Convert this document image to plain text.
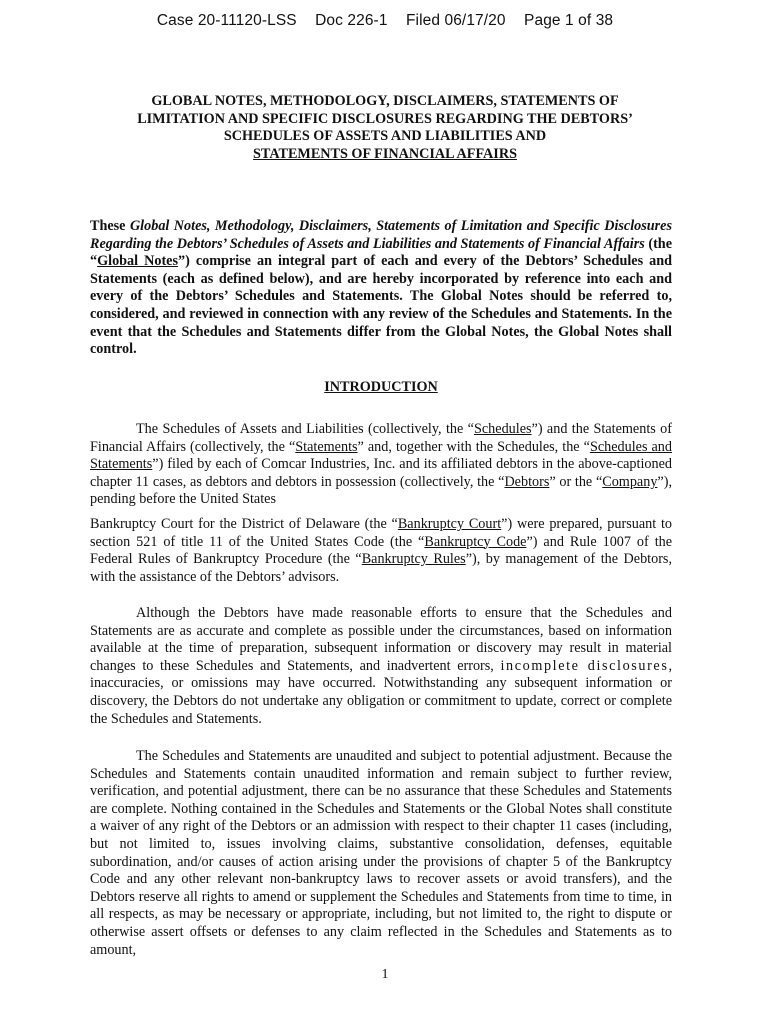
Case 20-11120-LSS Doc 226-1 Filed 06/17/20 Page 1 of 38
GLOBAL NOTES, METHODOLOGY, DISCLAIMERS, STATEMENTS OF
LIMITATION AND SPECIFIC DISCLOSURES REGARDING THE DEBTORS’
SCHEDULES OF ASSETS AND LIABILITIES AND
STATEMENTS OF FINANCIAL AFFAIRS
These Global Notes, Methodology, Disclaimers, Statements of Limitation and Specific Disclosures Regarding the Debtors’ Schedules of Assets and Liabilities and Statements of Financial Affairs (the “Global Notes”) comprise an integral part of each and every of the Debtors’ Schedules and Statements (each as defined below), and are hereby incorporated by reference into each and every of the Debtors’ Schedules and Statements. The Global Notes should be referred to, considered, and reviewed in connection with any review of the Schedules and Statements. In the event that the Schedules and Statements differ from the Global Notes, the Global Notes shall control.
INTRODUCTION
The Schedules of Assets and Liabilities (collectively, the “Schedules”) and the Statements of Financial Affairs (collectively, the “Statements” and, together with the Schedules, the “Schedules and Statements”) filed by each of Comcar Industries, Inc. and its affiliated debtors in the above-captioned chapter 11 cases, as debtors and debtors in possession (collectively, the “Debtors” or the “Company”), pending before the United States
Bankruptcy Court for the District of Delaware (the “Bankruptcy Court”) were prepared, pursuant to section 521 of title 11 of the United States Code (the “Bankruptcy Code”) and Rule 1007 of the Federal Rules of Bankruptcy Procedure (the “Bankruptcy Rules”), by management of the Debtors, with the assistance of the Debtors’ advisors.
Although the Debtors have made reasonable efforts to ensure that the Schedules and Statements are as accurate and complete as possible under the circumstances, based on information available at the time of preparation, subsequent information or discovery may result in material changes to these Schedules and Statements, and inadvertent errors, incomplete disclosures, inaccuracies, or omissions may have occurred. Notwithstanding any subsequent information or discovery, the Debtors do not undertake any obligation or commitment to update, correct or complete the Schedules and Statements.
The Schedules and Statements are unaudited and subject to potential adjustment. Because the Schedules and Statements contain unaudited information and remain subject to further review, verification, and potential adjustment, there can be no assurance that these Schedules and Statements are complete. Nothing contained in the Schedules and Statements or the Global Notes shall constitute a waiver of any right of the Debtors or an admission with respect to their chapter 11 cases (including, but not limited to, issues involving claims, substantive consolidation, defenses, equitable subordination, and/or causes of action arising under the provisions of chapter 5 of the Bankruptcy Code and any other relevant non-bankruptcy laws to recover assets or avoid transfers), and the Debtors reserve all rights to amend or supplement the Schedules and Statements from time to time, in all respects, as may be necessary or appropriate, including, but not limited to, the right to dispute or otherwise assert offsets or defenses to any claim reflected in the Schedules and Statements as to amount,
1
